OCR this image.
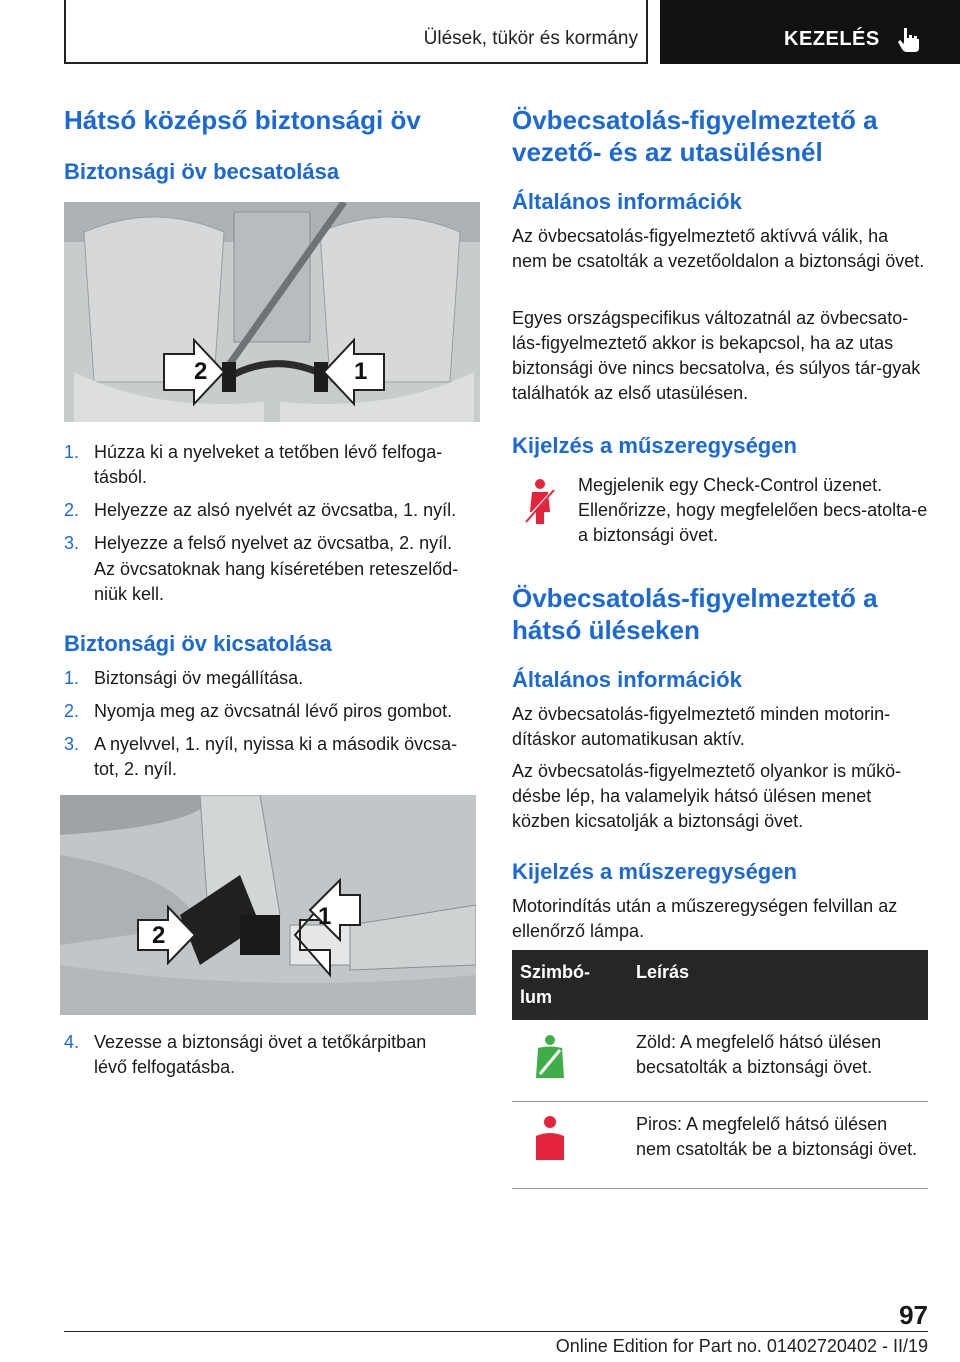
Ülések, tükör és kormány	KEZELÉS
Hátsó középső biztonsági öv
Biztonsági öv becsatolása
2	1
1. Húzza ki a nyelveket a tetőben lévő felfoga-
tásból.
2. Helyezze az alsó nyelvét az övcsatba, 1. nyíl.
3. Helyezze a felső nyelvet az övcsatba, 2. nyíl.

Az övcsatoknak hang kíséretében reteszelőd-
niük kell.

Biztonsági öv kicsatolása
1. Biztonsági öv megállítása.
2. Nyomja meg az övcsatnál lévő piros gombot.
3. A nyelvvel, 1. nyíl, nyissa ki a második övcsa-
tot, 2. nyíl.
2
1
4. Vezesse a biztonsági övet a tetőkárpitban
lévő felfogatásba.
Övbecsatolás-figyelmeztető a
vezető- és az utasülésnél
Általános információk

Az övbecsatolás-figyelmeztető aktívvá válik, ha nem be csatolták a vezetőoldalon a biztonsági övet.

Egyes országspecifikus változatnál az övbecsato-lás-figyelmeztető akkor is bekapcsol, ha az utas biztonsági öve nincs becsatolva, és súlyos tár-gyak találhatók az első utasülésen.

Kijelzés a műszeregységen

Megjelenik egy Check-Control üzenet. Ellenőrizze, hogy megfelelően becs-atolta-e a biztonsági övet.

Övbecsatolás-figyelmeztető a
hátsó üléseken
Általános információk

Az övbecsatolás-figyelmeztető minden motorin-dításkor automatikusan aktív.

Az övbecsatolás-figyelmeztető olyankor is műkö-désbe lép, ha valamelyik hátsó ülésen menet közben kicsatolják a biztonsági övet.

Kijelzés a műszeregységen

Motorindítás után a műszeregységen felvillan az ellenőrző lámpa.

Szimbó-
lum	Leírás
	Zöld: A megfelelő hátsó ülésen becsatolták a biztonsági övet.
	Piros: A megfelelő hátsó ülésen nem csatolták be a biztonsági övet.
97
Online Edition for Part no. 01402720402 - II/19
